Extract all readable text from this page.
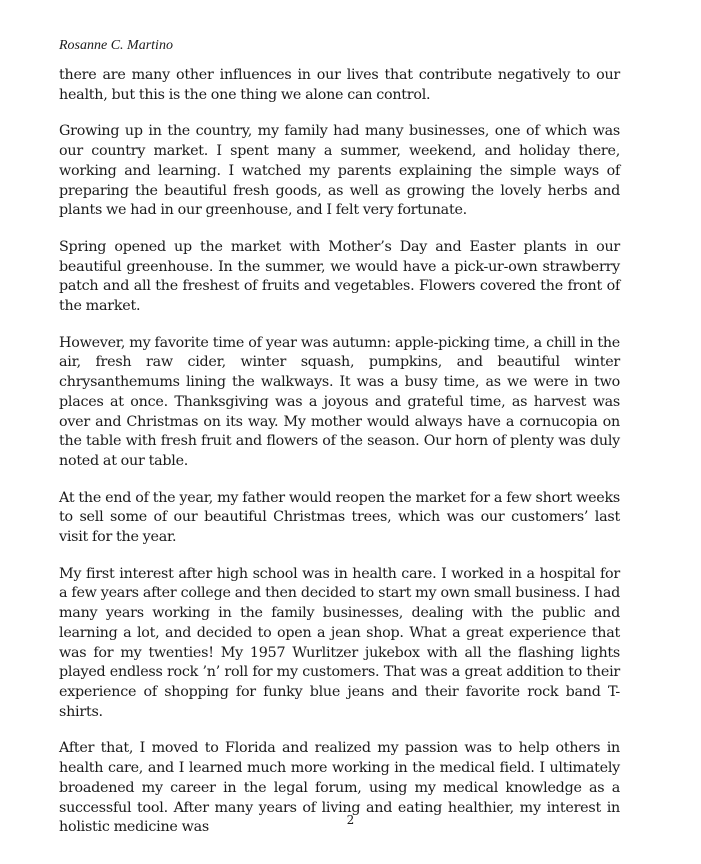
Rosanne C. Martino

there are many other influences in our lives that contribute negatively to our health, but this is the one thing we alone can control.

Growing up in the country, my family had many businesses, one of which was our country market. I spent many a summer, weekend, and holiday there, working and learning. I watched my parents explaining the simple ways of preparing the beautiful fresh goods, as well as growing the lovely herbs and plants we had in our greenhouse, and I felt very fortunate.

Spring opened up the market with Mother’s Day and Easter plants in our beautiful greenhouse. In the summer, we would have a pick-ur-own strawberry patch and all the freshest of fruits and vegetables. Flowers covered the front of the market.

However, my favorite time of year was autumn: apple-picking time, a chill in the air, fresh raw cider, winter squash, pumpkins, and beautiful winter chrysanthemums lining the walkways. It was a busy time, as we were in two places at once. Thanksgiving was a joyous and grateful time, as harvest was over and Christmas on its way. My mother would always have a cornucopia on the table with fresh fruit and flowers of the season. Our horn of plenty was duly noted at our table.

At the end of the year, my father would reopen the market for a few short weeks to sell some of our beautiful Christmas trees, which was our customers’ last visit for the year.

My first interest after high school was in health care. I worked in a hospital for a few years after college and then decided to start my own small business. I had many years working in the family businesses, dealing with the public and learning a lot, and decided to open a jean shop. What a great experience that was for my twenties! My 1957 Wurlitzer jukebox with all the flashing lights played endless rock ’n’ roll for my customers. That was a great addition to their experience of shopping for funky blue jeans and their favorite rock band T-shirts.

After that, I moved to Florida and realized my passion was to help others in health care, and I learned much more working in the medical field. I ultimately broadened my career in the legal forum, using my medical knowledge as a successful tool. After many years of living and eating healthier, my interest in holistic medicine was	2
